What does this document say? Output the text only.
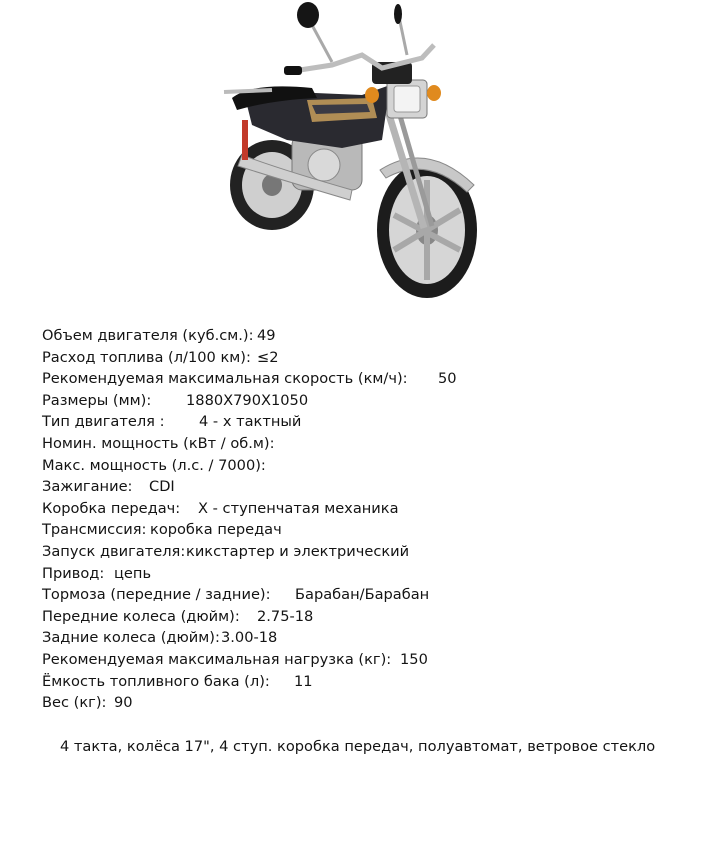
Объем двигателя (куб.см.): 49
Расход топлива (л/100 км): ≤2
Рекомендуемая максимальная скорость (км/ч): 50
Размеры (мм): 1880X790X1050
Тип двигателя : 4 - х тактный
Номин. мощность (кВт / об.м):
Макс. мощность (л.с. / 7000):
Зажигание: CDI
Коробка передач: Х - ступенчатая механика
Трансмиссия: коробка передач
Запуск двигателя: кикстартер и электрический
Привод: цепь
Тормоза (передние / задние): Барабан/Барабан
Передние колеса (дюйм): 2.75-18
Задние колеса (дюйм): 3.00-18
Рекомендуемая максимальная нагрузка (кг): 150
Ёмкость топливного бака (л): 11
Вес (кг): 90
4 такта, колёса 17", 4 ступ. коробка передач, полуавтомат, ветровое стекло
